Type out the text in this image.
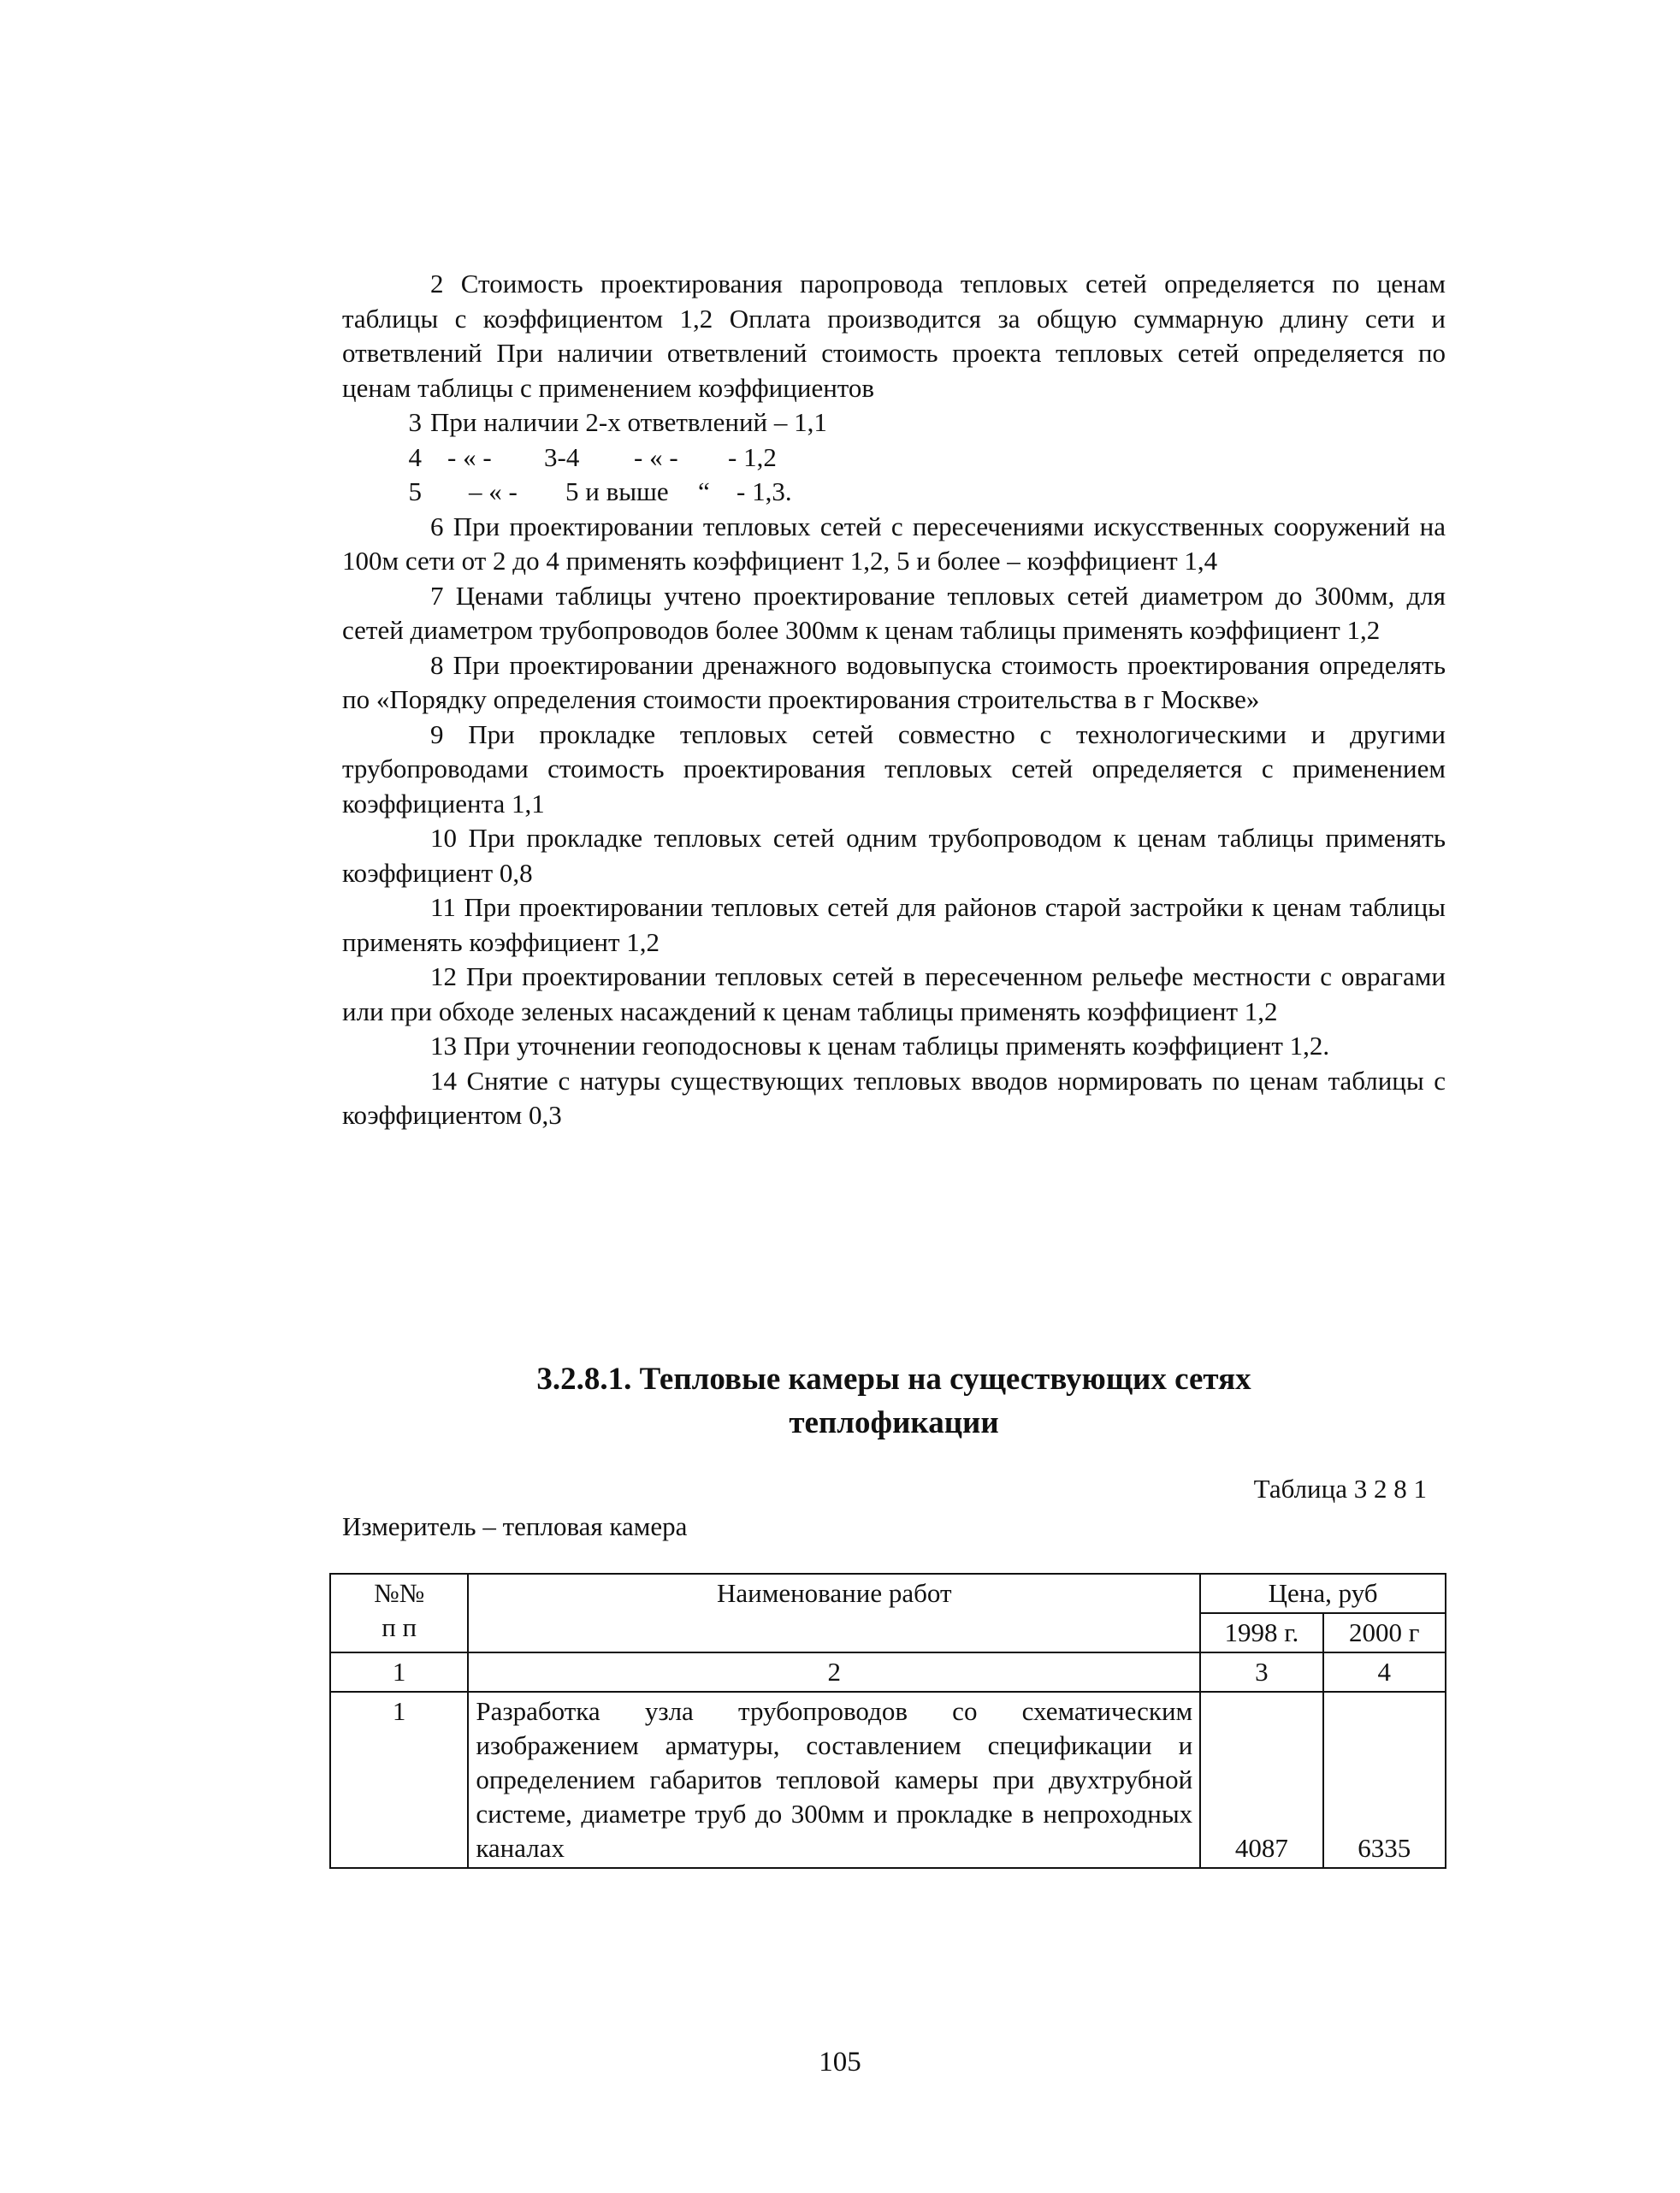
2 Стоимость проектирования паропровода тепловых сетей определяется по ценам таблицы с коэффициентом 1,2 Оплата производится за общую суммарную длину сети и ответвлений При наличии ответвлений стоимость проекта тепловых сетей определяется по ценам таблицы с применением коэффициентов

3 При наличии 2-х ответвлений – 1,1
4 - « -	3-4	- « -	- 1,2
5	– « -	5 и выше	“	- 1,3.

6 При проектировании тепловых сетей с пересечениями искусственных сооружений на 100м сети от 2 до 4 применять коэффициент 1,2, 5 и более – коэффициент 1,4

7 Ценами таблицы учтено проектирование тепловых сетей диаметром до 300мм, для сетей диаметром трубопроводов более 300мм к ценам таблицы применять коэффициент 1,2

8 При проектировании дренажного водовыпуска стоимость проектирования определять по «Порядку определения стоимости проектирования строительства в г Москве»

9 При прокладке тепловых сетей совместно с технологическими и другими трубопроводами стоимость проектирования тепловых сетей определяется с применением коэффициента 1,1

10 При прокладке тепловых сетей одним трубопроводом к ценам таблицы применять коэффициент 0,8

11 При проектировании тепловых сетей для районов старой застройки к ценам таблицы применять коэффициент 1,2

12 При проектировании тепловых сетей в пересеченном рельефе местности с оврагами или при обходе зеленых насаждений к ценам таблицы применять коэффициент 1,2

13 При уточнении геоподосновы к ценам таблицы применять коэффициент 1,2.

14 Снятие с натуры существующих тепловых вводов нормировать по ценам таблицы с коэффициентом 0,3

3.2.8.1. Тепловые камеры на существующих сетях
теплофикации
Таблица 3 2 8 1
Измеритель – тепловая камера
№№
п п	Наименование работ	Цена, руб	
		1998 г.	2000 г
1	2	3	4
1	Разработка узла трубопроводов со схематическим изображением арматуры, составлением спецификации и определением габаритов тепловой камеры при двухтрубной системе, диаметре труб до 300мм и прокладке в непроходных каналах	4087	6335
105
